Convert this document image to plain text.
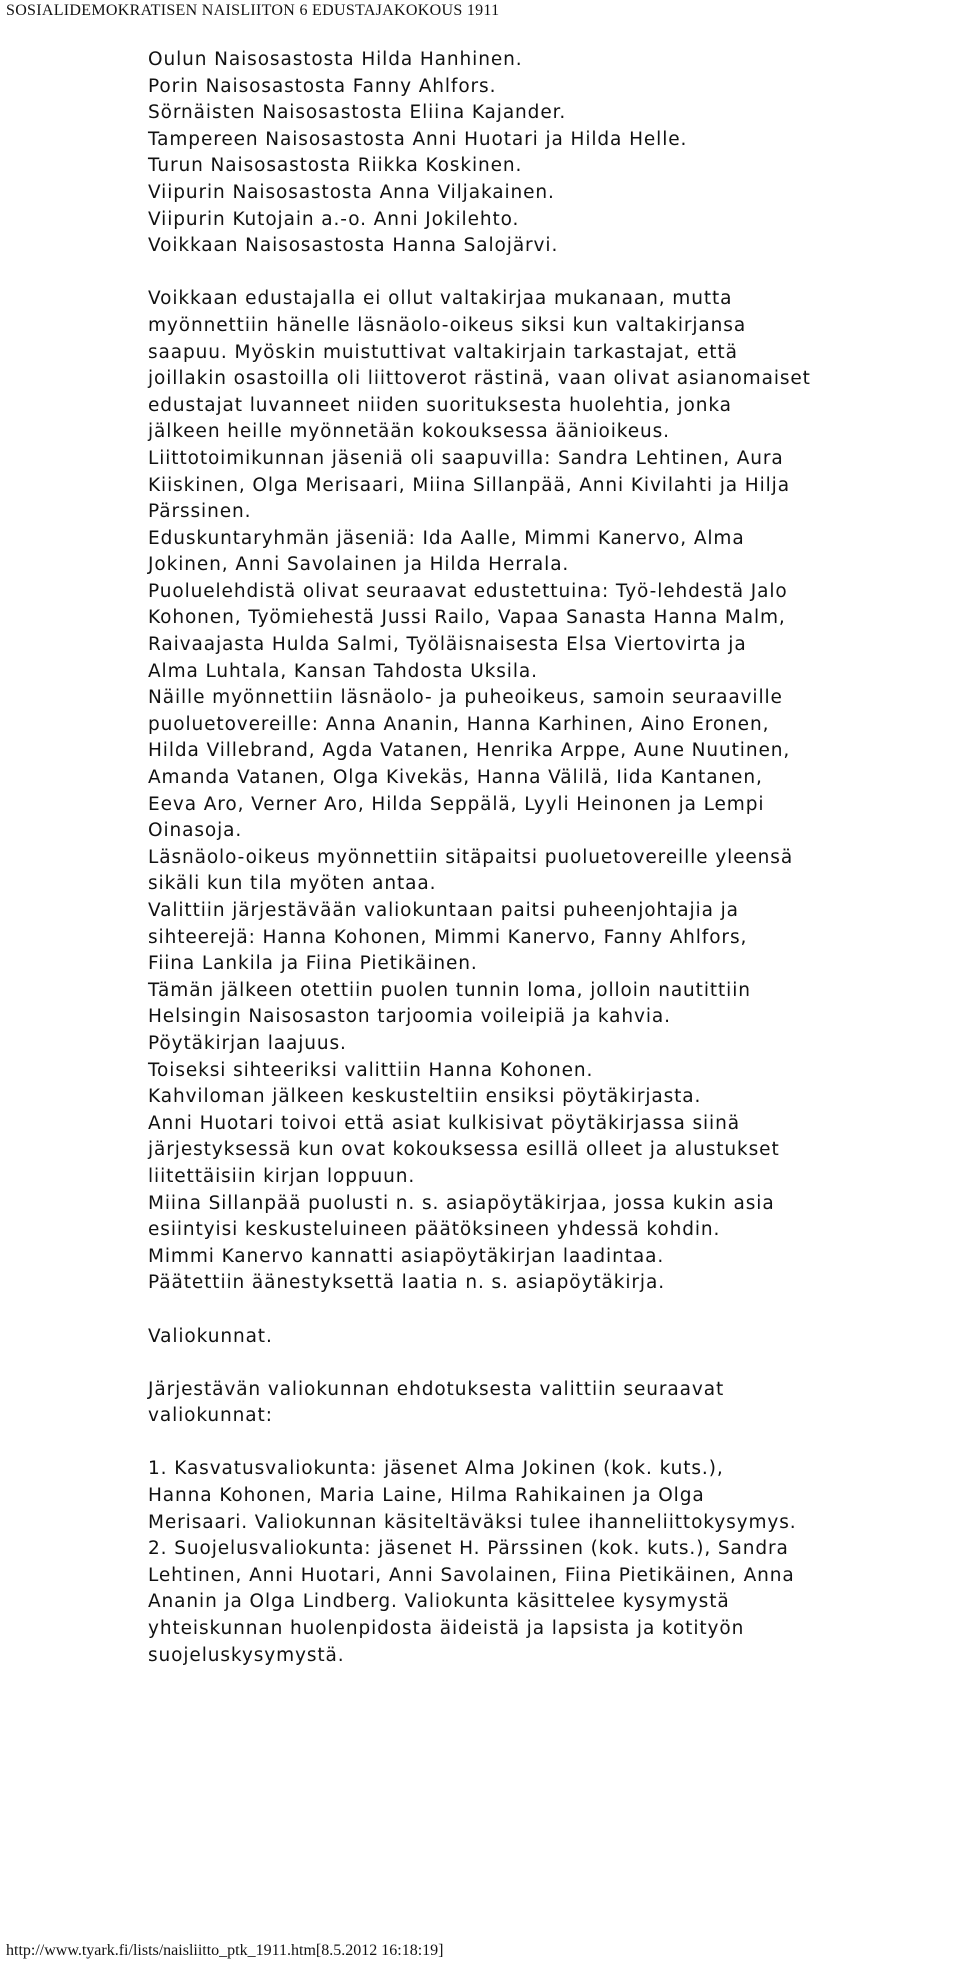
SOSIALIDEMOKRATISEN NAISLIITON 6 EDUSTAJAKOKOUS 1911
Oulun Naisosastosta Hilda Hanhinen.
Porin Naisosastosta Fanny Ahlfors.
Sörnäisten Naisosastosta Eliina Kajander.
Tampereen Naisosastosta Anni Huotari ja Hilda Helle.
Turun Naisosastosta Riikka Koskinen.
Viipurin Naisosastosta Anna Viljakainen.
Viipurin Kutojain a.-o. Anni Jokilehto.
Voikkaan Naisosastosta Hanna Salojärvi.
Voikkaan edustajalla ei ollut valtakirjaa mukanaan, mutta
myönnettiin hänelle läsnäolo-oikeus siksi kun valtakirjansa
saapuu. Myöskin muistuttivat valtakirjain tarkastajat, että
joillakin osastoilla oli liittoverot rästinä, vaan olivat asianomaiset
edustajat luvanneet niiden suorituksesta huolehtia, jonka
jälkeen heille myönnetään kokouksessa äänioikeus.
Liittotoimikunnan jäseniä oli saapuvilla: Sandra Lehtinen, Aura
Kiiskinen, Olga Merisaari, Miina Sillanpää, Anni Kivilahti ja Hilja
Pärssinen.
Eduskuntaryhmän jäseniä: Ida Aalle, Mimmi Kanervo, Alma
Jokinen, Anni Savolainen ja Hilda Herrala.
Puoluelehdistä olivat seuraavat edustettuina: Työ-lehdestä Jalo
Kohonen, Työmiehestä Jussi Railo, Vapaa Sanasta Hanna Malm,
Raivaajasta Hulda Salmi, Työläisnaisesta Elsa Viertovirta ja
Alma Luhtala, Kansan Tahdosta Uksila.
Näille myönnettiin läsnäolo- ja puheoikeus, samoin seuraaville
puoluetovereille: Anna Ananin, Hanna Karhinen, Aino Eronen,
Hilda Villebrand, Agda Vatanen, Henrika Arppe, Aune Nuutinen,
Amanda Vatanen, Olga Kivekäs, Hanna Välilä, Iida Kantanen,
Eeva Aro, Verner Aro, Hilda Seppälä, Lyyli Heinonen ja Lempi
Oinasoja.
Läsnäolo-oikeus myönnettiin sitäpaitsi puoluetovereille yleensä
sikäli kun tila myöten antaa.
Valittiin järjestävään valiokuntaan paitsi puheenjohtajia ja
sihteerejä: Hanna Kohonen, Mimmi Kanervo, Fanny Ahlfors,
Fiina Lankila ja Fiina Pietikäinen.
Tämän jälkeen otettiin puolen tunnin loma, jolloin nautittiin
Helsingin Naisosaston tarjoomia voileipiä ja kahvia.
Pöytäkirjan laajuus.
Toiseksi sihteeriksi valittiin Hanna Kohonen.
Kahviloman jälkeen keskusteltiin ensiksi pöytäkirjasta.
Anni Huotari toivoi että asiat kulkisivat pöytäkirjassa siinä
järjestyksessä kun ovat kokouksessa esillä olleet ja alustukset
liitettäisiin kirjan loppuun.
Miina Sillanpää puolusti n. s. asiapöytäkirjaa, jossa kukin asia
esiintyisi keskusteluineen päätöksineen yhdessä kohdin.
Mimmi Kanervo kannatti asiapöytäkirjan laadintaa.
Päätettiin äänestyksettä laatia n. s. asiapöytäkirja.
Valiokunnat.
Järjestävän valiokunnan ehdotuksesta valittiin seuraavat
valiokunnat:
1. Kasvatusvaliokunta: jäsenet Alma Jokinen (kok. kuts.),
Hanna Kohonen, Maria Laine, Hilma Rahikainen ja Olga
Merisaari. Valiokunnan käsiteltäväksi tulee ihanneliittokysymys.
2. Suojelusvaliokunta: jäsenet H. Pärssinen (kok. kuts.), Sandra
Lehtinen, Anni Huotari, Anni Savolainen, Fiina Pietikäinen, Anna
Ananin ja Olga Lindberg. Valiokunta käsittelee kysymystä
yhteiskunnan huolenpidosta äideistä ja lapsista ja kotityön
suojeluskysymystä.
http://www.tyark.fi/lists/naisliitto_ptk_1911.htm[8.5.2012 16:18:19]
